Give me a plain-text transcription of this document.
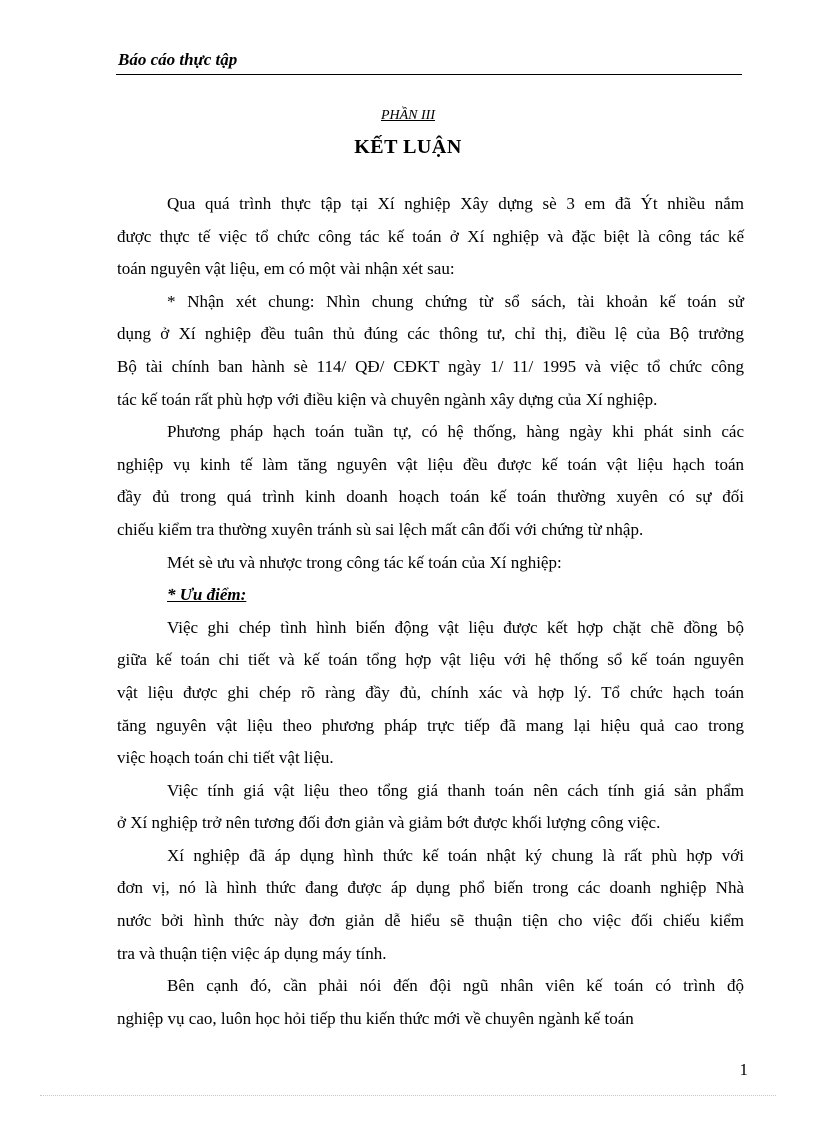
Báo cáo thực tập
PHẦN III
KẾT LUẬN

Qua quá trình thực tập tại Xí nghiệp Xây dựng sè 3 em đã Ýt nhiều nắm
được thực tế việc tổ chức công tác kế toán ở Xí nghiệp và đặc biệt là công tác kế
toán nguyên vật liệu, em có một vài nhận xét sau:

* Nhận xét chung: Nhìn chung chứng từ sổ sách, tài khoản kế toán sử
dụng ở Xí nghiệp đều tuân thủ đúng các thông tư, chỉ thị, điều lệ của Bộ trưởng
Bộ tài chính ban hành sè 114/ QĐ/ CĐKT ngày 1/ 11/ 1995 và việc tổ chức công
tác kế toán rất phù hợp với điều kiện và chuyên ngành xây dựng của Xí nghiệp.

Phương pháp hạch toán tuần tự, có hệ thống, hàng ngày khi phát sinh các
nghiệp vụ kinh tế làm tăng nguyên vật liệu đều được kế toán vật liệu hạch toán
đầy đủ trong quá trình kinh doanh hoạch toán kế toán thường xuyên có sự đối
chiếu kiểm tra thường xuyên tránh sù sai lệch mất cân đối với chứng từ nhập.

Mét sè ưu và nhược trong công tác kế toán của Xí nghiệp:

* Ưu điểm:

Việc ghi chép tình hình biến động vật liệu được kết hợp chặt chẽ đồng bộ
giữa kế toán chi tiết và kế toán tổng hợp vật liệu với hệ thống sổ kế toán nguyên
vật liệu được ghi chép rõ ràng đầy đủ, chính xác và hợp lý. Tổ chức hạch toán
tăng nguyên vật liệu theo phương pháp trực tiếp đã mang lại hiệu quả cao trong
việc hoạch toán chi tiết vật liệu.

Việc tính giá vật liệu theo tổng giá thanh toán nên cách tính giá sản phẩm
ở Xí nghiệp trở nên tương đối đơn giản và giảm bớt được khối lượng công việc.

Xí nghiệp đã áp dụng hình thức kế toán nhật ký chung là rất phù hợp với
đơn vị, nó là hình thức đang được áp dụng phổ biến trong các doanh nghiệp Nhà
nước bởi hình thức này đơn giản dễ hiểu sẽ thuận tiện cho việc đối chiếu kiểm
tra và thuận tiện việc áp dụng máy tính.

Bên cạnh đó, cần phải nói đến đội ngũ nhân viên kế toán có trình độ
nghiệp vụ cao, luôn học hỏi tiếp thu kiến thức mới về chuyên ngành kế toán

1
